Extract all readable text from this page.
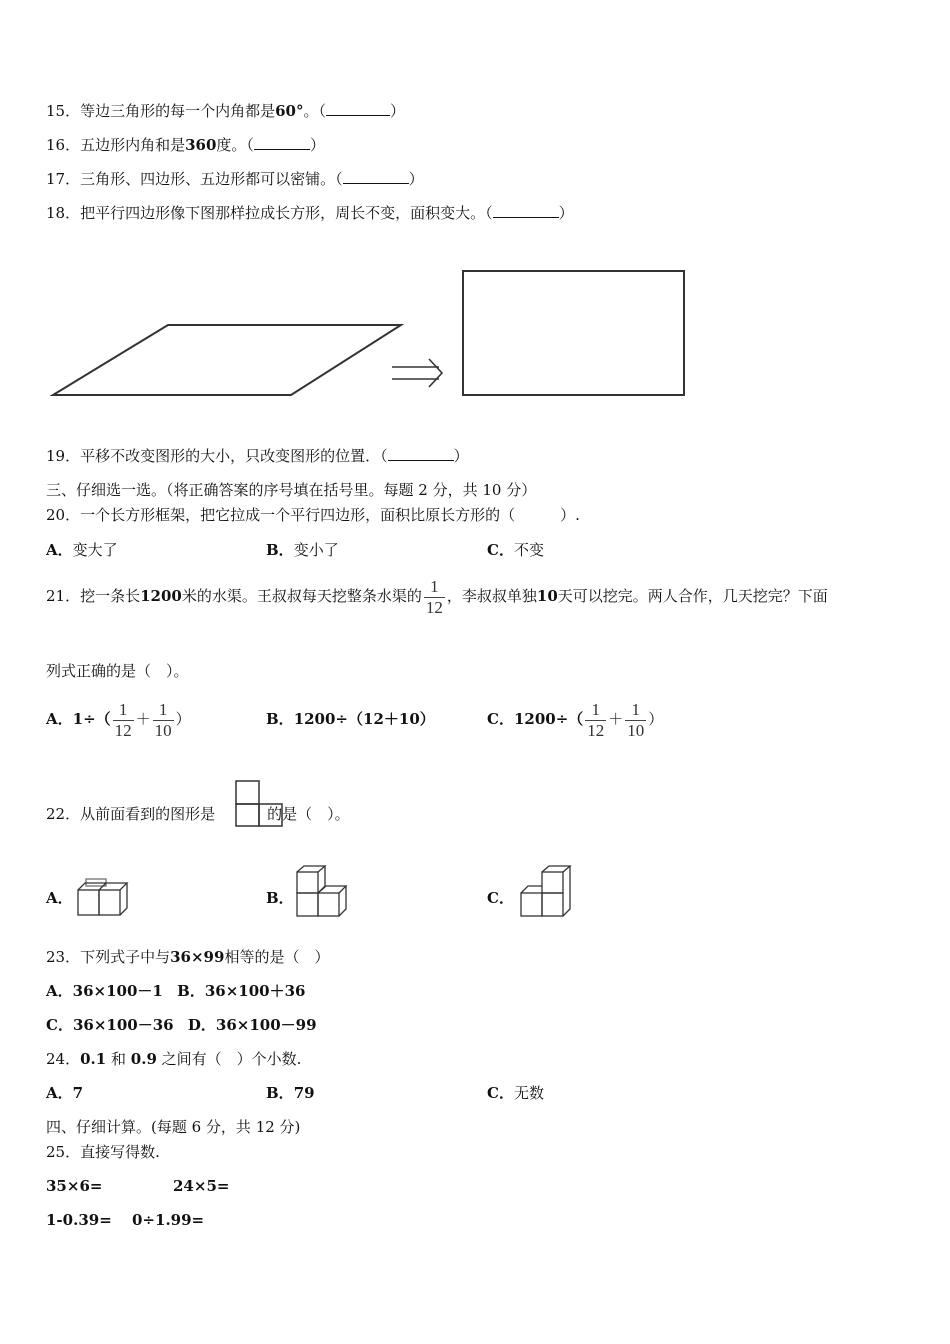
15．等边三角形的每一个内角都是60°。（	）
16．五边形内角和是360度。（	）
17．三角形、四边形、五边形都可以密铺。（	）
18．把平行四边形像下图那样拉成长方形，周长不变，面积变大。（	）
19．平移不改变图形的大小，只改变图形的位置．（	）
三、仔细选一选。（将正确答案的序号填在括号里。每题 2 分，共 10 分）
20．一个长方形框架，把它拉成一个平行四边形，面积比原长方形的（　　　）.
A．变大了	B．变小了	C．不变
21．挖一条长1200米的水渠。王叔叔每天挖整条水渠的 $\frac{1}{12}$ ，李叔叔单独10天可以挖完。两人合作，几天挖完？下面
列式正确的是（　）。
A．$1\div( \frac{1}{12} + \frac{1}{10}$ ）	B．1200÷（12＋10）	C．$1200\div( \frac{1}{12} + \frac{1}{10}$ ）
22．从前面看到的图形是	的是（　）。
A．	B．	C．
23．下列式子中与36×99相等的是（　）
A．36×100－1 B．36×100＋36
C．36×100－36 D．36×100－99
24．0.1 和 0.9 之间有（　）个小数.
A．7	B．79	C．无数
四、仔细计算。(每题 6 分，共 12 分)
25．直接写得数.
35×6=	24×5=
1-0.39= 0÷1.99=
